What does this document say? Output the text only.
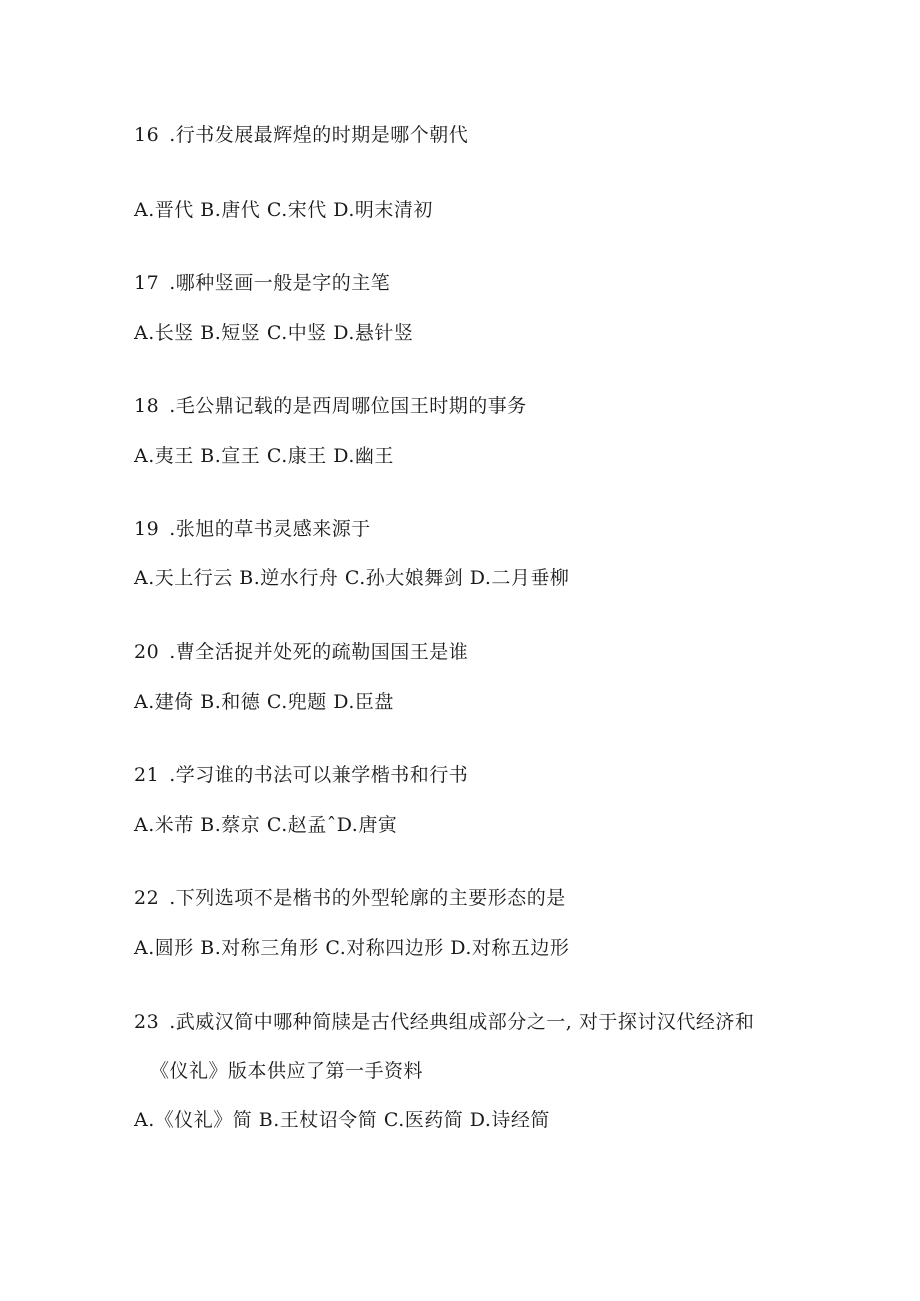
16 .行书发展最辉煌的时期是哪个朝代
A.晋代 B.唐代 C.宋代 D.明末清初
17 .哪种竖画一般是字的主笔
A.长竖 B.短竖 C.中竖 D.悬针竖
18 .毛公鼎记载的是西周哪位国王时期的事务
A.夷王 B.宣王 C.康王 D.幽王
19 .张旭的草书灵感来源于
A.天上行云 B.逆水行舟 C.孙大娘舞剑 D.二月垂柳
20 .曹全活捉并处死的疏勒国国王是谁
A.建倚 B.和德 C.兜题 D.臣盘
21 .学习谁的书法可以兼学楷书和行书
A.米芾 B.蔡京 C.赵孟ˆD.唐寅
22 .下列选项不是楷书的外型轮廓的主要形态的是
A.圆形 B.对称三角形 C.对称四边形 D.对称五边形
23 .武威汉简中哪种简牍是古代经典组成部分之一, 对于探讨汉代经济和
《仪礼》版本供应了第一手资料
A.《仪礼》简 B.王杖诏令简 C.医药简 D.诗经简
